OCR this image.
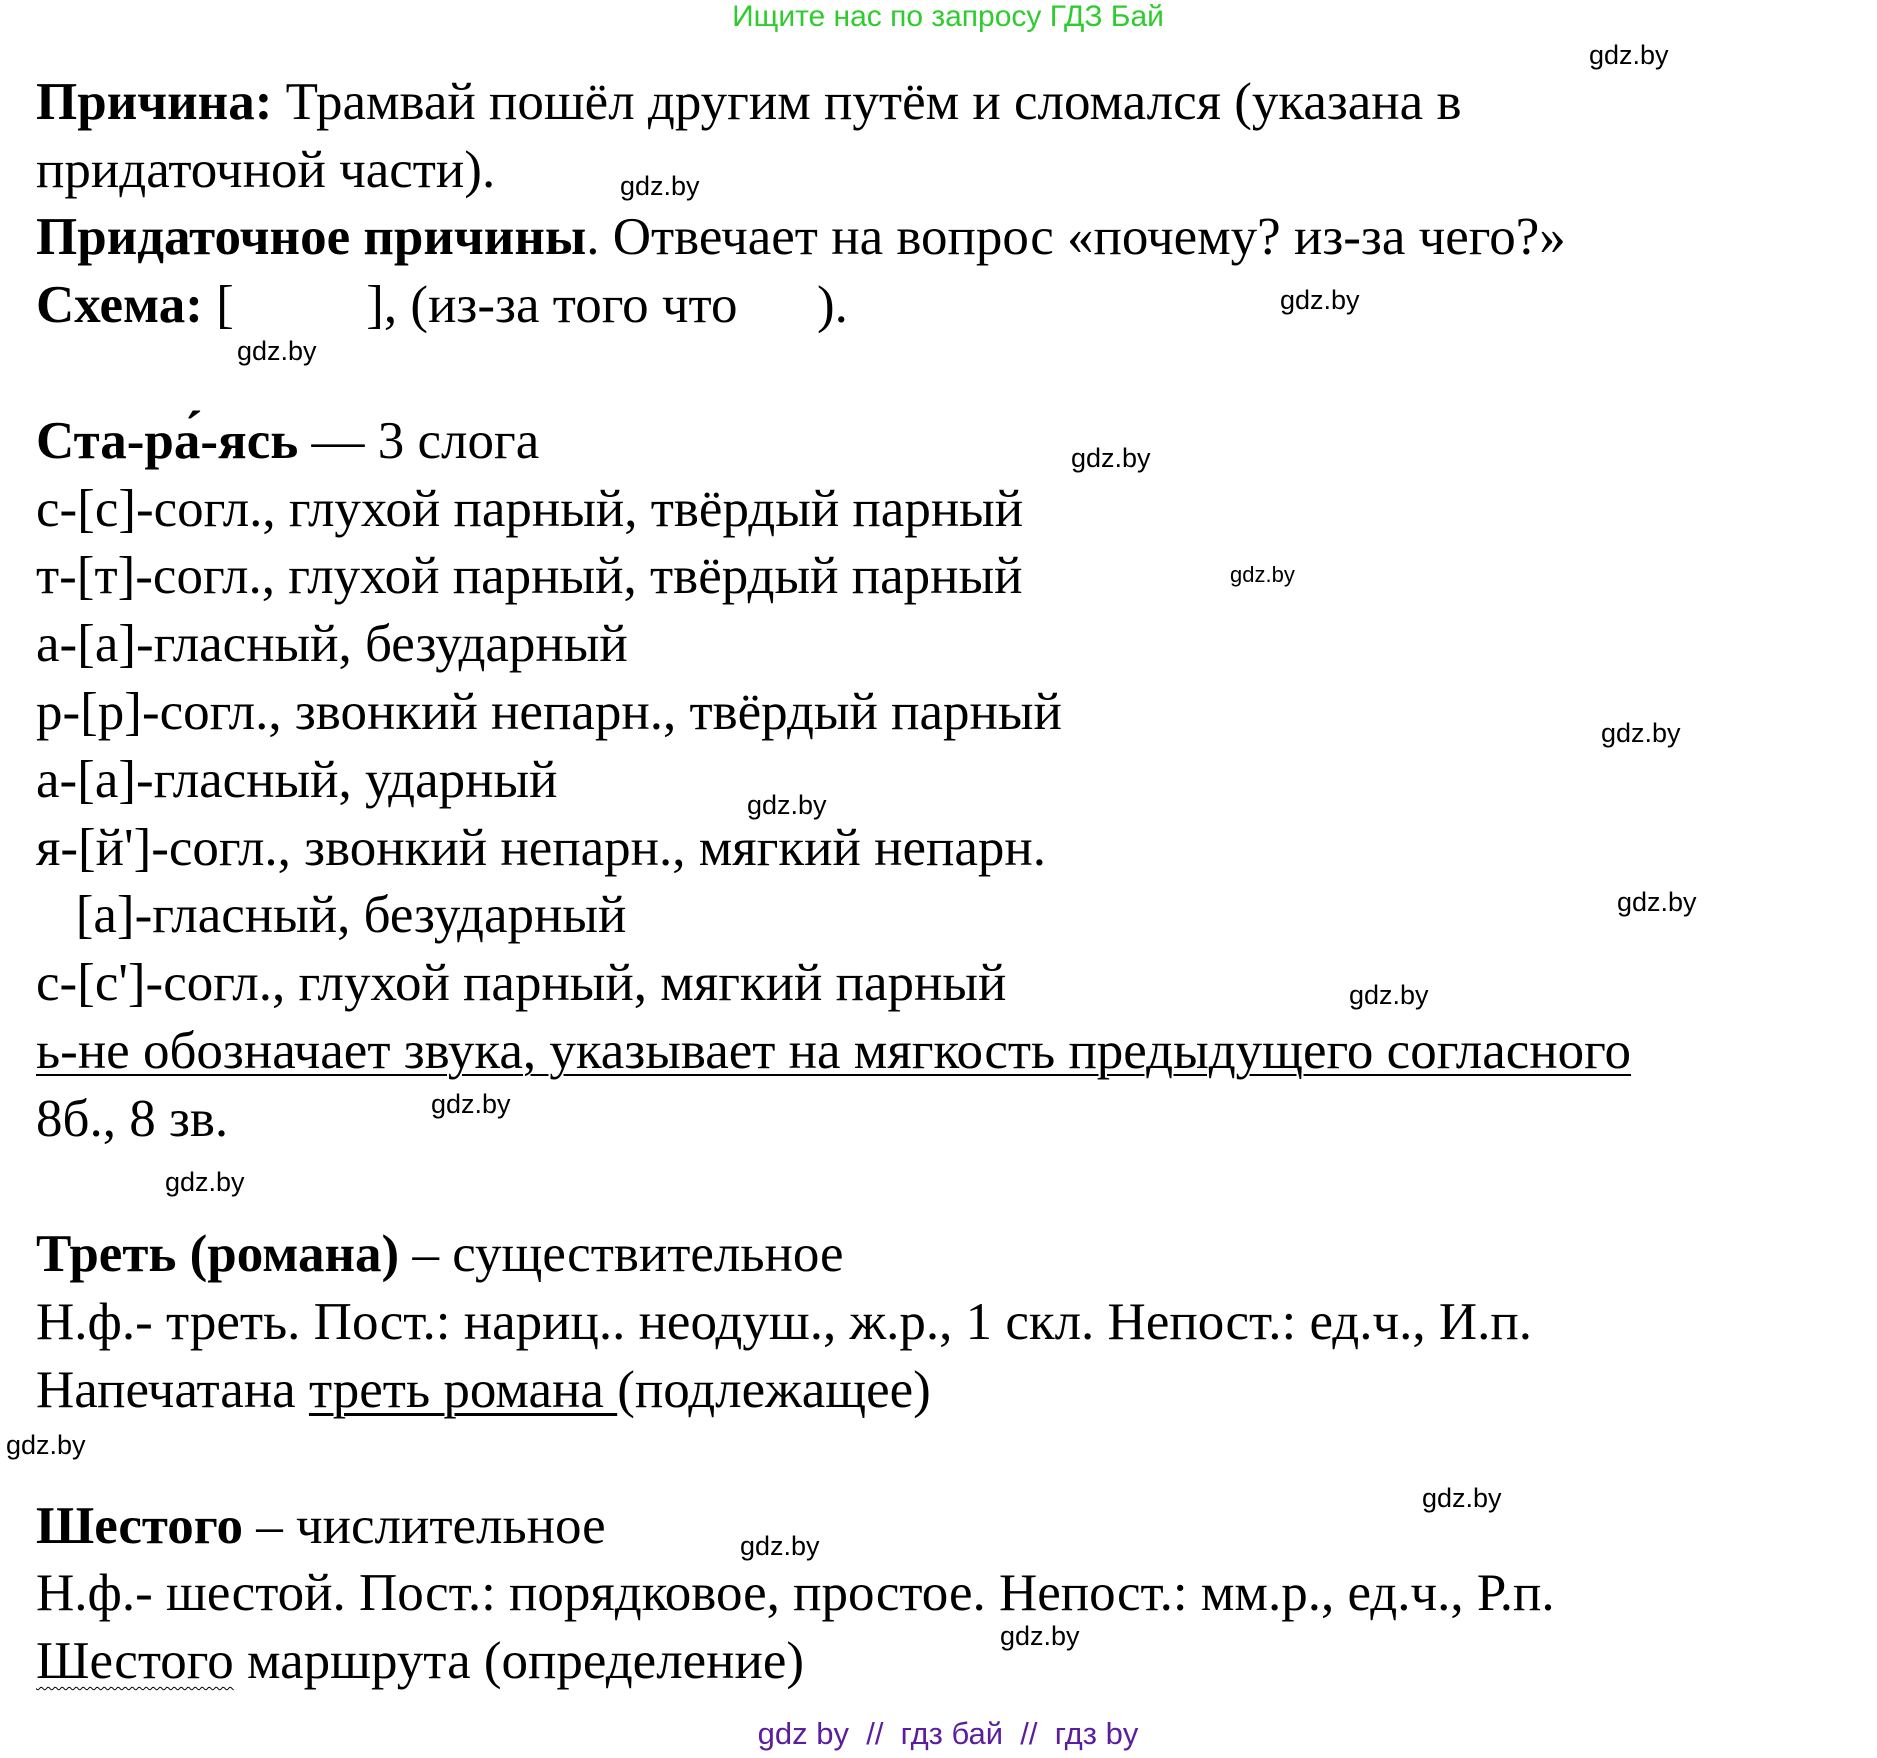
Ищите нас по запросу ГДЗ Бай
Причина: Трамвай пошёл другим путём и сломался (указана в
придаточной части).
Придаточное причины. Отвечает на вопрос «почему? из-за чего?»
Схема: [          ], (из-за того что      ).
Ста-ра́-ясь — 3 слога
с-[с]-согл., глухой парный, твёрдый парный
т-[т]-согл., глухой парный, твёрдый парный
а-[а]-гласный, безударный
р-[р]-согл., звонкий непарн., твёрдый парный
а-[а]-гласный, ударный
я-[й']-согл., звонкий непарн., мягкий непарн.
[а]-гласный, безударный
с-[с']-согл., глухой парный, мягкий парный
ь-не обозначает звука, указывает на мягкость предыдущего согласного
8б., 8 зв.
Треть (романа) – существительное
Н.ф.- треть. Пост.: нариц.. неодуш., ж.р., 1 скл. Непост.: ед.ч., И.п.
Напечатана треть романа (подлежащее)
Шестого – числительное
Н.ф.- шестой. Пост.: порядковое, простое. Непост.: мм.р., ед.ч., Р.п.
Шестого маршрута (определение)
gdz.by
gdz.by
gdz.by
gdz.by
gdz.by
gdz.by
gdz.by
gdz.by
gdz.by
gdz.by
gdz.by
gdz.by
gdz.by
gdz.by
gdz.by
gdz.by
gdz by  //  гдз бай  //  гдз by
